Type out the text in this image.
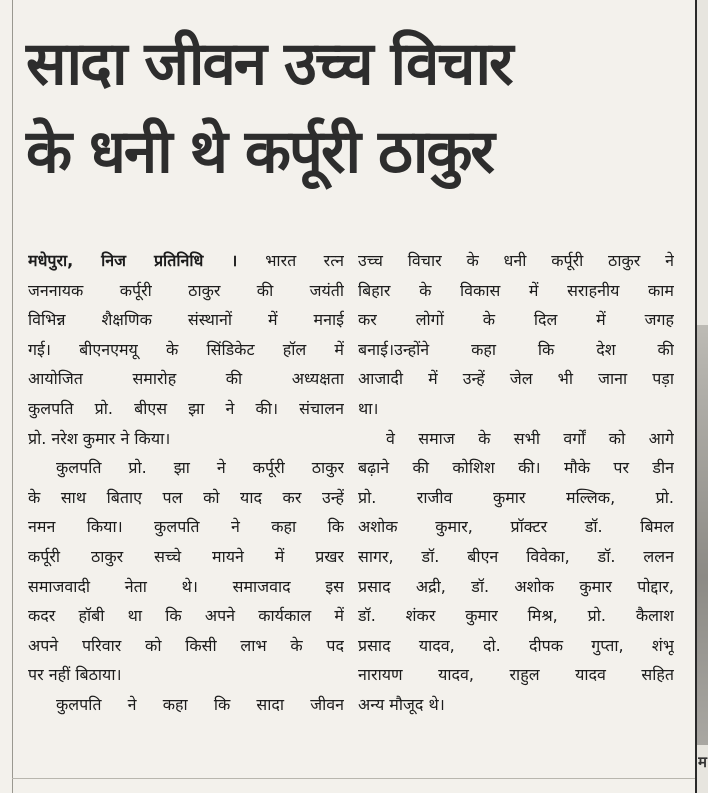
म
सादा जीवन उच्च विचार
के धनी थे कर्पूरी ठाकुर
मधेपुरा, निज प्रतिनिधि । भारत रत्न
जननायक कर्पूरी ठाकुर की जयंती
विभिन्न शैक्षणिक संस्थानों में मनाई
गई। बीएनएमयू के सिंडिकेट हॉल में
आयोजित समारोह की अध्यक्षता
कुलपति प्रो. बीएस झा ने की। संचालन
प्रो. नरेश कुमार ने किया।
कुलपति प्रो. झा ने कर्पूरी ठाकुर
के साथ बिताए पल को याद कर उन्हें
नमन किया। कुलपति ने कहा कि
कर्पूरी ठाकुर सच्चे मायने में प्रखर
समाजवादी नेता थे। समाजवाद इस
कदर हॉबी था कि अपने कार्यकाल में
अपने परिवार को किसी लाभ के पद
पर नहीं बिठाया।
कुलपति ने कहा कि सादा जीवन
उच्च विचार के धनी कर्पूरी ठाकुर ने
बिहार के विकास में सराहनीय काम
कर लोगों के दिल में जगह
बनाई।उन्होंने कहा कि देश की
आजादी में उन्हें जेल भी जाना पड़ा
था।
वे समाज के सभी वर्गों को आगे
बढ़ाने की कोशिश की। मौके पर डीन
प्रो. राजीव कुमार मल्लिक, प्रो.
अशोक कुमार, प्रॉक्टर डॉ. बिमल
सागर, डॉ. बीएन विवेका, डॉ. ललन
प्रसाद अद्री, डॉ. अशोक कुमार पोद्दार,
डॉ. शंकर कुमार मिश्र, प्रो. कैलाश
प्रसाद यादव, दो. दीपक गुप्ता, शंभू
नारायण यादव, राहुल यादव सहित
अन्य मौजूद थे।
